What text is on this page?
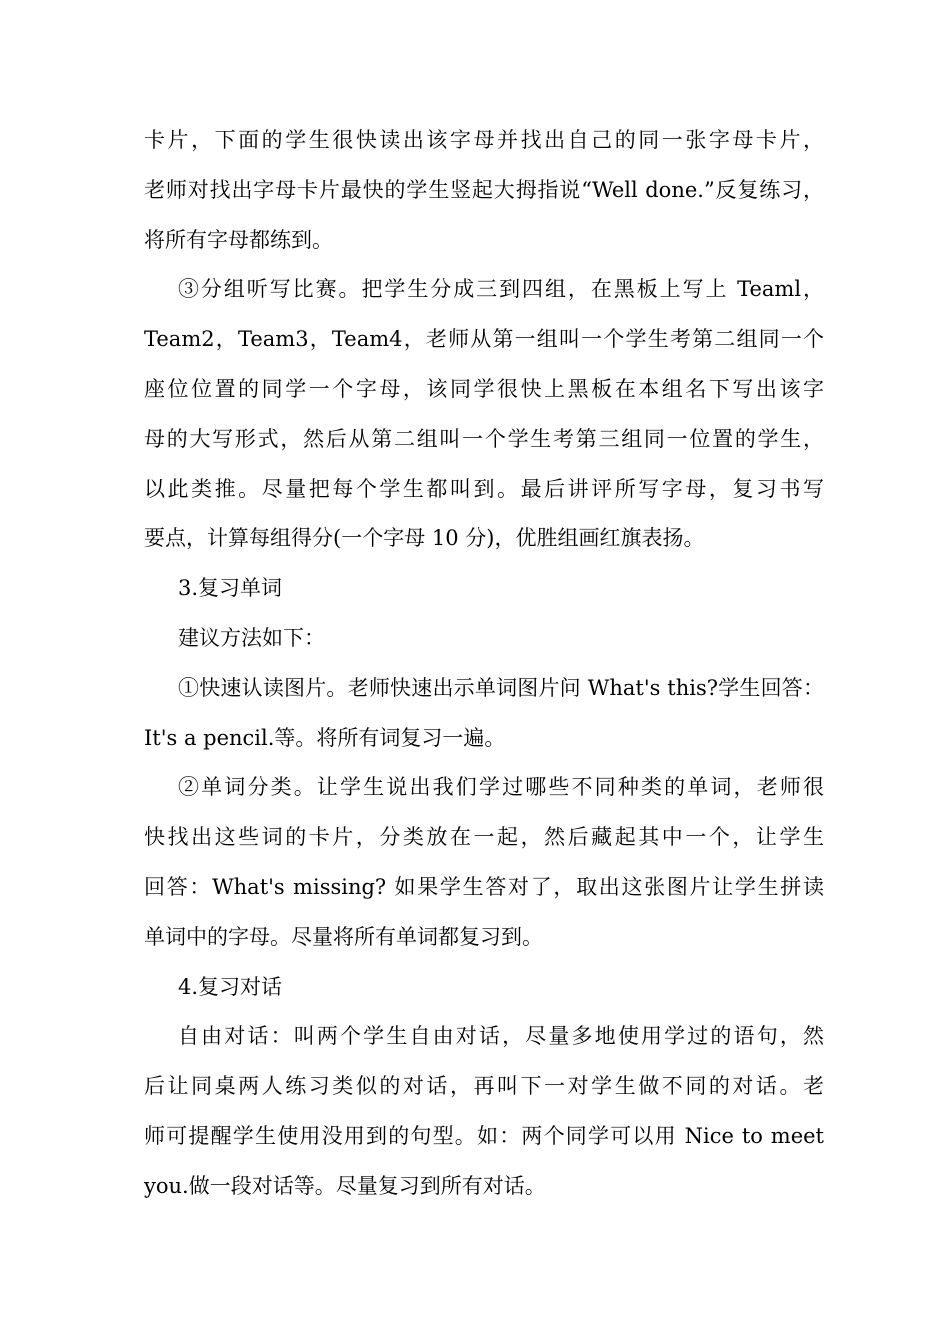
卡片，下面的学生很快读出该字母并找出自己的同一张字母卡片，
老师对找出字母卡片最快的学生竖起大拇指说“Well done.”反复练习，
将所有字母都练到。
③分组听写比赛。把学生分成三到四组，在黑板上写上 Teaml，
Team2，Team3，Team4，老师从第一组叫一个学生考第二组同一个
座位位置的同学一个字母，该同学很快上黑板在本组名下写出该字
母的大写形式，然后从第二组叫一个学生考第三组同一位置的学生，
以此类推。尽量把每个学生都叫到。最后讲评所写字母，复习书写
要点，计算每组得分(一个字母 10 分)，优胜组画红旗表扬。
3.复习单词
建议方法如下：
①快速认读图片。老师快速出示单词图片问 What's this?学生回答：
It's a pencil.等。将所有词复习一遍。
②单词分类。让学生说出我们学过哪些不同种类的单词，老师很
快找出这些词的卡片，分类放在一起，然后藏起其中一个，让学生
回答：What's missing? 如果学生答对了，取出这张图片让学生拼读
单词中的字母。尽量将所有单词都复习到。
4.复习对话
自由对话：叫两个学生自由对话，尽量多地使用学过的语句，然
后让同桌两人练习类似的对话，再叫下一对学生做不同的对话。老
师可提醒学生使用没用到的句型。如：两个同学可以用 Nice to meet
you.做一段对话等。尽量复习到所有对话。
